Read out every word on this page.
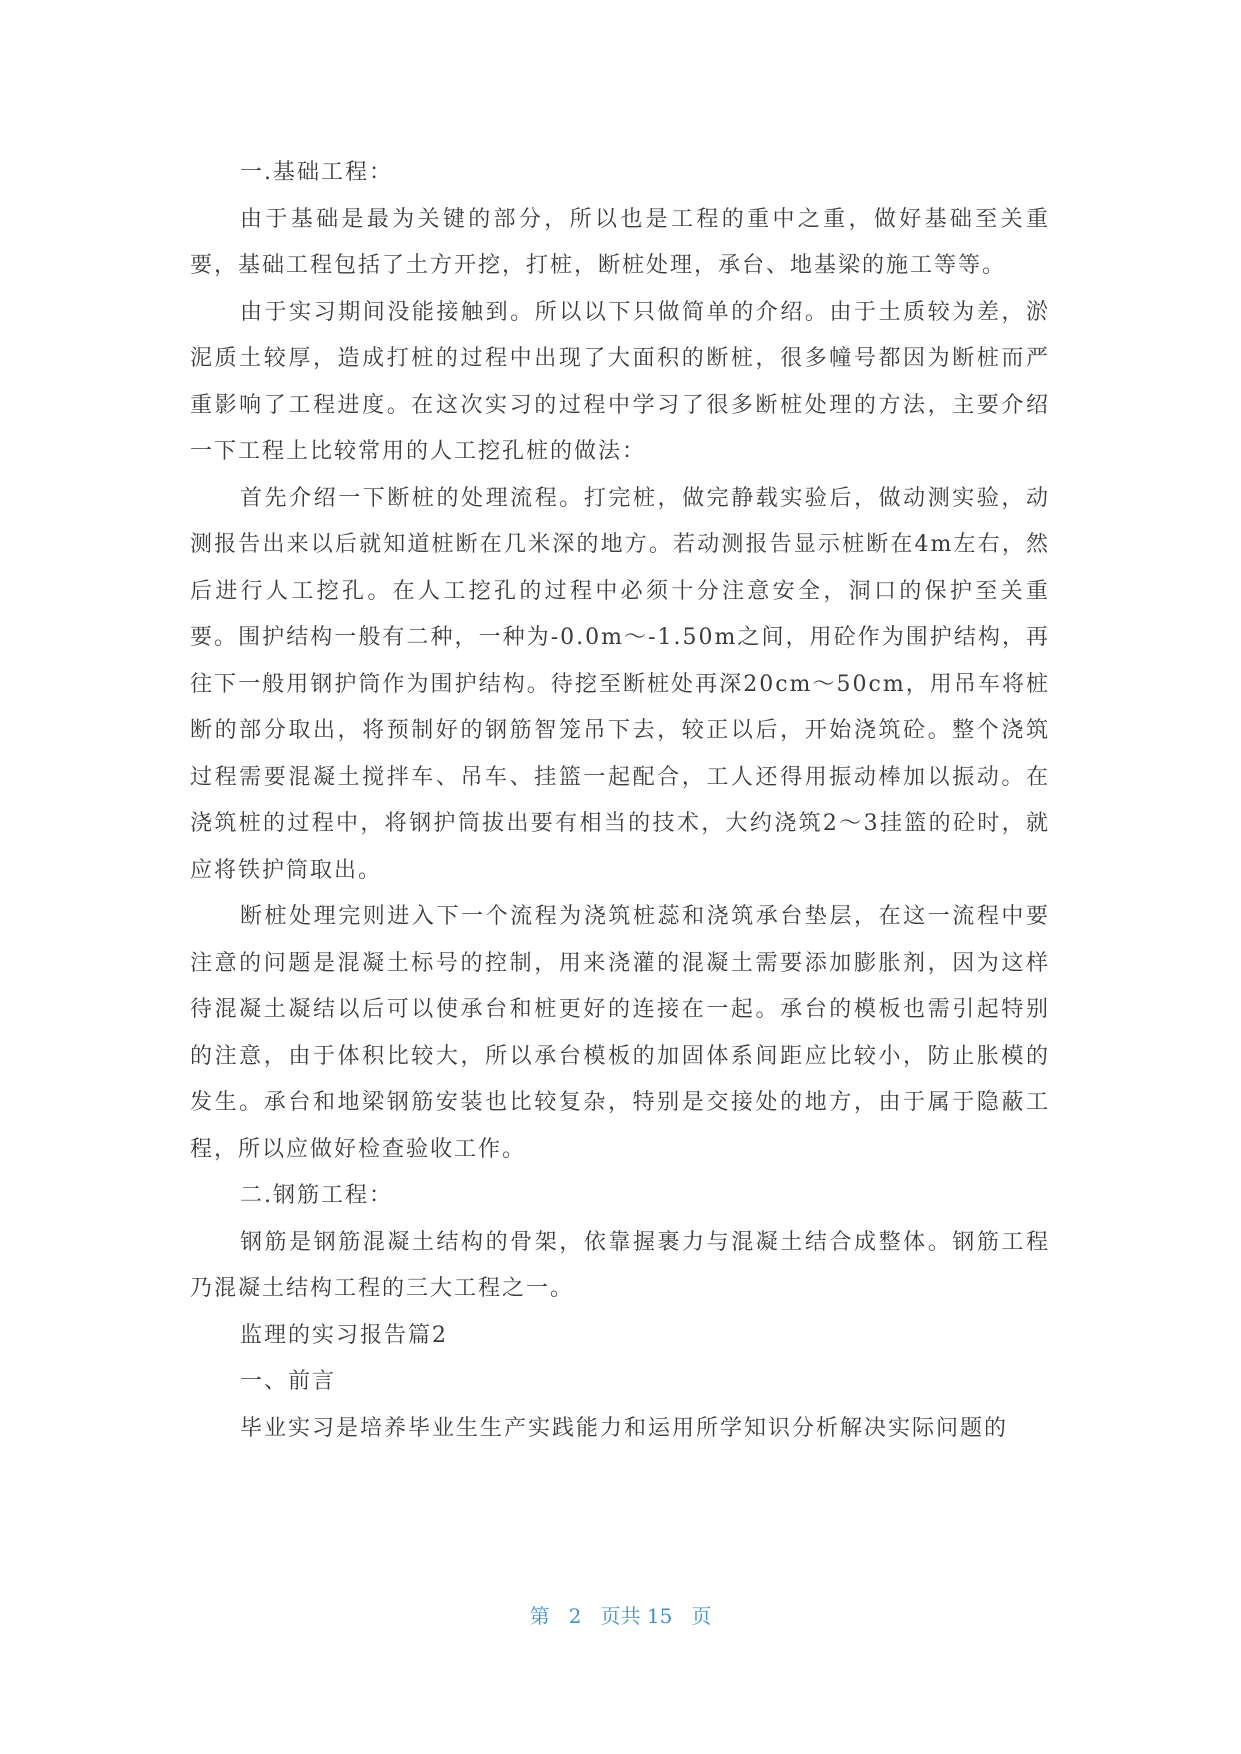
一.基础工程：

由于基础是最为关键的部分，所以也是工程的重中之重，做好基础至关重要，基础工程包括了土方开挖，打桩，断桩处理，承台、地基梁的施工等等。

由于实习期间没能接触到。所以以下只做简单的介绍。由于土质较为差，淤泥质土较厚，造成打桩的过程中出现了大面积的断桩，很多幢号都因为断桩而严重影响了工程进度。在这次实习的过程中学习了很多断桩处理的方法，主要介绍一下工程上比较常用的人工挖孔桩的做法：

首先介绍一下断桩的处理流程。打完桩，做完静载实验后，做动测实验，动测报告出来以后就知道桩断在几米深的地方。若动测报告显示桩断在4m左右，然后进行人工挖孔。在人工挖孔的过程中必须十分注意安全，洞口的保护至关重要。围护结构一般有二种，一种为-0.0m～-1.50m之间，用砼作为围护结构，再往下一般用钢护筒作为围护结构。待挖至断桩处再深20cm～50cm，用吊车将桩断的部分取出，将预制好的钢筋智笼吊下去，较正以后，开始浇筑砼。整个浇筑过程需要混凝土搅拌车、吊车、挂篮一起配合，工人还得用振动棒加以振动。在浇筑桩的过程中，将钢护筒拔出要有相当的技术，大约浇筑2～3挂篮的砼时，就应将铁护筒取出。

断桩处理完则进入下一个流程为浇筑桩蕊和浇筑承台垫层，在这一流程中要注意的问题是混凝土标号的控制，用来浇灌的混凝土需要添加膨胀剂，因为这样待混凝土凝结以后可以使承台和桩更好的连接在一起。承台的模板也需引起特别的注意，由于体积比较大，所以承台模板的加固体系间距应比较小，防止胀模的发生。承台和地梁钢筋安装也比较复杂，特别是交接处的地方，由于属于隐蔽工程，所以应做好检查验收工作。

二.钢筋工程：

钢筋是钢筋混凝土结构的骨架，依靠握裹力与混凝土结合成整体。钢筋工程乃混凝土结构工程的三大工程之一。

监理的实习报告篇2

一、前言

毕业实习是培养毕业生生产实践能力和运用所学知识分析解决实际问题的

第 2 页共 15 页
